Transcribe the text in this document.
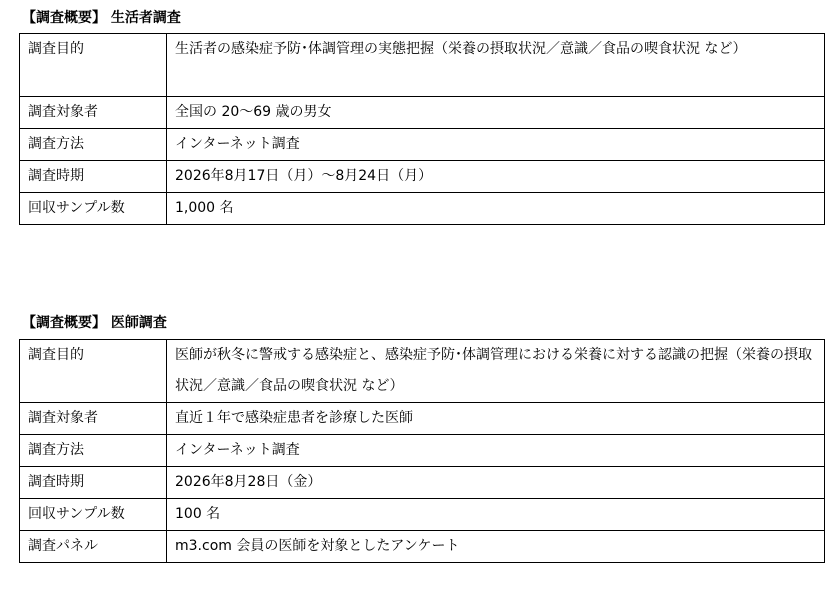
【調査概要】 生活者調査
調査目的	生活者の感染症予防･体調管理の実態把握（栄養の摂取状況／意識／食品の喫食状況 など）
調査対象者	全国の 20～69 歳の男女
調査方法	インターネット調査
調査時期	2026年8月17日（月）～8月24日（月）
回収サンプル数	1,000 名
【調査概要】 医師調査
調査目的	医師が秋冬に警戒する感染症と、感染症予防･体調管理における栄養に対する認識の把握（栄養の摂取状況／意識／食品の喫食状況 など）
調査対象者	直近１年で感染症患者を診療した医師
調査方法	インターネット調査
調査時期	2026年8月28日（金）
回収サンプル数	100 名
調査パネル	m3.com 会員の医師を対象としたアンケート
